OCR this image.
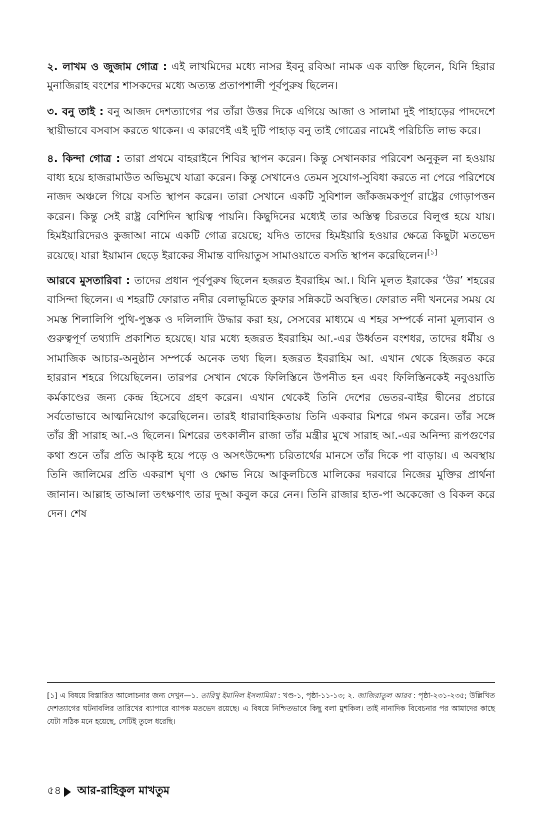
২. লাখম ও জুজাম গোত্র : এই লাখমিদের মধ্যে নাসর ইবনু রবিআ নামক এক ব্যক্তি ছিলেন, যিনি হিরার মুনাজিরাহ বংশের শাসকদের মধ্যে অত্যন্ত প্রতাপশালী পূর্বপুরুষ ছিলেন।

৩. বনু তাই : বনু আজদ দেশত্যাগের পর তাঁরা উত্তর দিকে এগিয়ে আজা ও সালামা দুই পাহাড়ের পাদদেশে স্থায়ীভাবে বসবাস করতে থাকেন। এ কারণেই এই দুটি পাহাড় বনু তাই গোত্রের নামেই পরিচিতি লাভ করে।

৪. কিন্দা গোত্র : তারা প্রথমে বাহরাইনে শিবির স্থাপন করেন। কিন্তু সেখানকার পরিবেশ অনুকূল না হওয়ায় বাধ্য হয়ে হাজরামাউত অভিমুখে যাত্রা করেন। কিন্তু সেখানেও তেমন সুযোগ-সুবিধা করতে না পেরে পরিশেষে নাজদ অঞ্চলে গিয়ে বসতি স্থাপন করেন। তারা সেখানে একটি সুবিশাল জাঁকজমকপূর্ণ রাষ্ট্রের গোড়াপত্তন করেন। কিন্তু সেই রাষ্ট্র বেশিদিন স্থায়িত্ব পায়নি। কিছুদিনের মধ্যেই তার অস্তিত্ব চিরতরে বিলুপ্ত হয়ে যায়। হিমইয়ারিদেরও কুজাআ নামে একটি গোত্র রয়েছে; যদিও তাদের হিমইয়ারি হওয়ার ক্ষেত্রে কিছুটা মতভেদ রয়েছে। যারা ইয়ামান ছেড়ে ইরাকের সীমান্ত বাদিয়াতুস সামাওয়াতে বসতি স্থাপন করেছিলেন।[১]

আরবে মুসতারিবা : তাদের প্রধান পূর্বপুরুষ ছিলেন হজরত ইবরাহিম আ.। যিনি মূলত ইরাকের ‘উর’ শহরের বাসিন্দা ছিলেন। এ শহরটি ফোরাত নদীর বেলাভূমিতে কুফার সন্নিকটে অবস্থিত। ফোরাত নদী খননের সময় যে সমস্ত শিলালিপি পুথি-পুস্তক ও দলিলাদি উদ্ধার করা হয়, সেসবের মাধ্যমে এ শহর সম্পর্কে নানা মূল্যবান ও গুরুত্বপূর্ণ তথ্যাদি প্রকাশিত হয়েছে। যার মধ্যে হজরত ইবরাহিম আ.-এর উর্ধ্বতন বংশধর, তাদের ধর্মীয় ও সামাজিক আচার-অনুষ্ঠান সম্পর্কে অনেক তথ্য ছিল। হজরত ইবরাহিম আ. এখান থেকে হিজরত করে হাররান শহরে গিয়েছিলেন। তারপর সেখান থেকে ফিলিস্তিনে উপনীত হন এবং ফিলিস্তিনকেই নবুওয়াতি কর্মকাণ্ডের জন্য কেন্দ্র হিসেবে গ্রহণ করেন। এখান থেকেই তিনি দেশের ভেতর-বাইর দ্বীনের প্রচারে সর্বতোভাবে আত্মনিয়োগ করেছিলেন। তারই ধারাবাহিকতায় তিনি একবার মিশরে গমন করেন। তাঁর সঙ্গে তাঁর স্ত্রী সারাহ আ.-ও ছিলেন। মিশরের তৎকালীন রাজা তাঁর মন্ত্রীর মুখে সারাহ আ.-এর অনিন্দ্য রূপগুণের কথা শুনে তাঁর প্রতি আকৃষ্ট হয়ে পড়ে ও অসৎউদ্দেশ্য চরিতার্থের মানসে তাঁর দিকে পা বাড়ায়। এ অবস্থায় তিনি জালিমের প্রতি একরাশ ঘৃণা ও ক্ষোভ নিয়ে আকুলচিত্তে মালিকের দরবারে নিজের মুক্তির প্রার্থনা জানান। আল্লাহ তাআলা তৎক্ষণাৎ তার দুআ কবুল করে নেন। তিনি রাজার হাত-পা অকেজো ও বিকল করে দেন। শেষ

[১] এ বিষয়ে বিস্তারিত আলোচনার জন্য দেখুন—১. তারিখু ইমানিল ইসলামিয়া : খণ্ড-১, পৃষ্ঠা-১১-১৩; ২. জাজিরাতুল আরব : পৃষ্ঠা-২৩১-২৩৫; উল্লিখিত দেশত্যাগের ঘটনাবলির তারিখের ব্যাপারে ব্যাপক মতভেদ রয়েছে। এ বিষয়ে নিশ্চিতভাবে কিছু বলা মুশকিল। তাই নানাদিক বিবেচনার পর আমাদের কাছে যেটা সঠিক মনে হয়েছে, সেটিই তুলে ধরেছি।

৫৪ আর-রাহিকুল মাখতুম
